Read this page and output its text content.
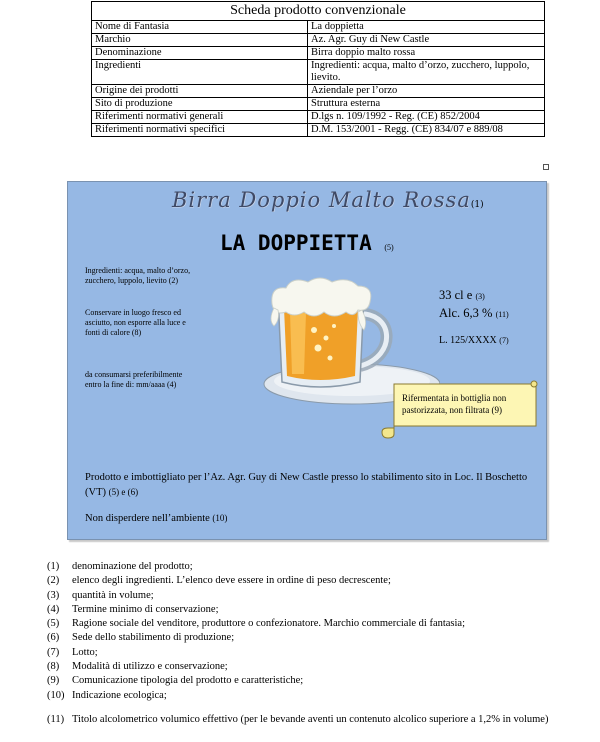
Scheda prodotto convenzionale	
Nome di Fantasia	La doppietta
Marchio	Az. Agr. Guy di New Castle
Denominazione	Birra doppio malto rossa
Ingredienti	Ingredienti: acqua, malto d’orzo, zucchero, luppolo, lievito.
Origine dei prodotti	Aziendale per l’orzo
Sito di produzione	Struttura esterna
Riferimenti normativi generali	D.lgs n. 109/1992 - Reg. (CE) 852/2004
Riferimenti normativi specifici	D.M. 153/2001 - Regg. (CE) 834/07 e 889/08
Birra Doppio Malto Rossa(1)
LA DOPPIETTA (5)
Ingredienti: acqua, malto d’orzo, zucchero, luppolo, lievito (2)
Conservare in luogo fresco ed asciutto, non esporre alla luce e fonti di calore (8)
da consumarsi preferibilmente entro la fine di: mm/aaaa (4)
33 cl e (3)
Alc. 6,3 % (11)
L. 125/XXXX (7)
Rifermentata in bottiglia non pastorizzata, non filtrata (9)
Prodotto e imbottigliato per l’Az. Agr. Guy di New Castle presso lo stabilimento sito in Loc. Il Boschetto (VT) (5) e (6)
Non disperdere nell’ambiente (10)
(1)	denominazione del prodotto;
(2)	elenco degli ingredienti. L’elenco deve essere in ordine di peso decrescente;
(3)	quantità in volume;
(4)	Termine minimo di conservazione;
(5)	Ragione sociale del venditore, produttore o confezionatore. Marchio commerciale di fantasia;
(6)	Sede dello stabilimento di produzione;
(7)	Lotto;
(8)	Modalità di utilizzo e conservazione;
(9)	Comunicazione tipologia del prodotto e caratteristiche;
(10) Indicazione ecologica;
(11) Titolo alcolometrico volumico effettivo (per le bevande aventi un contenuto alcolico superiore a 1,2% in volume)
